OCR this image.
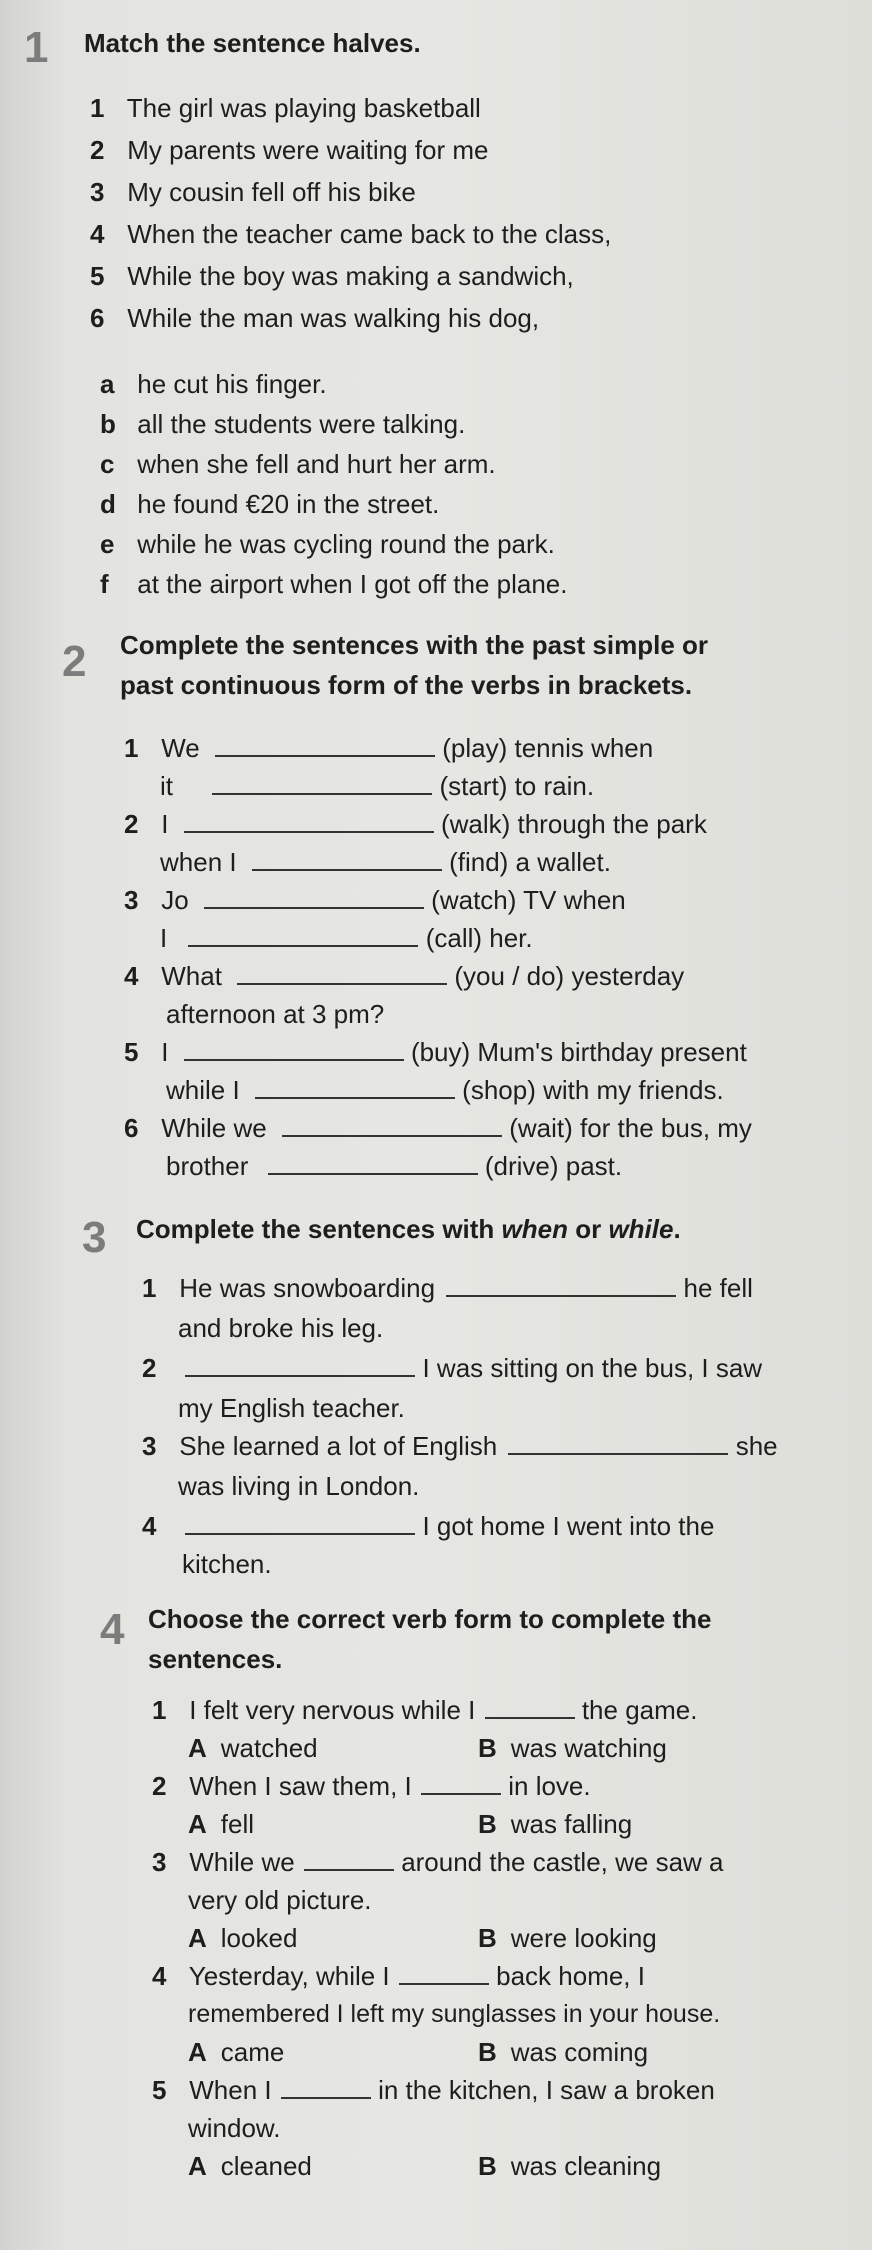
1 Match the sentence halves.
1 The girl was playing basketball
2 My parents were waiting for me
3 My cousin fell off his bike
4 When the teacher came back to the class,
5 While the boy was making a sandwich,
6 While the man was walking his dog,
a he cut his finger.
b all the students were talking.
c when she fell and hurt her arm.
d he found €20 in the street.
e while he was cycling round the park.
f at the airport when I got off the plane.
2 Complete the sentences with the past simple or
past continuous form of the verbs in brackets.
1 We	(play) tennis when
it	(start) to rain.
2 I	(walk) through the park
when I	(find) a wallet.
3 Jo	(watch) TV when
I	(call) her.
4 What	(you / do) yesterday
afternoon at 3 pm?
5 I	(buy) Mum's birthday present
while I	(shop) with my friends.
6 While we	(wait) for the bus, my
brother	(drive) past.
3 Complete the sentences with when or while.
1 He was snowboarding	he fell
and broke his leg.
2	I was sitting on the bus, I saw
my English teacher.
3 She learned a lot of English	she
was living in London.
4	I got home I went into the
kitchen.
4 Choose the correct verb form to complete the
sentences.
1 I felt very nervous while I	the game.
A watched	B was watching
2 When I saw them, I	in love.
A fell	B was falling
3 While we	around the castle, we saw a
very old picture.
A looked	B were looking
4 Yesterday, while I	back home, I
remembered I left my sunglasses in your house.
A came	B was coming
5 When I	in the kitchen, I saw a broken
window.
A cleaned	B was cleaning
